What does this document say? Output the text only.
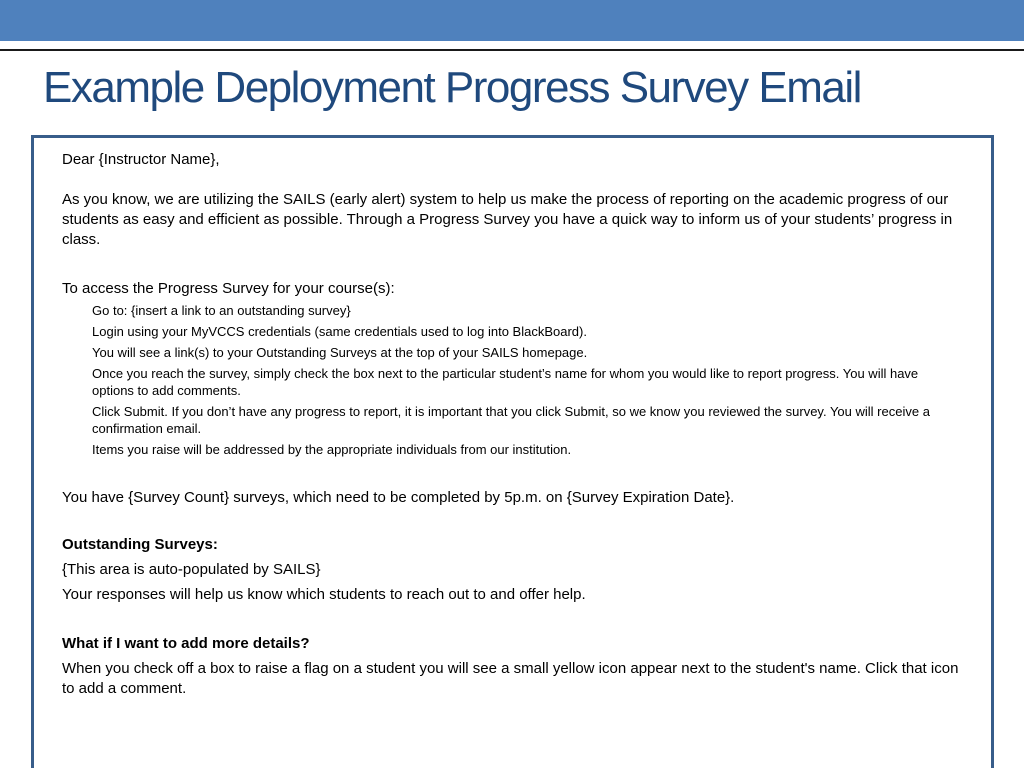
Example Deployment Progress Survey Email

Dear {Instructor Name},

As you know, we are utilizing the SAILS (early alert) system to help us make the process of reporting on the academic progress of our students as easy and efficient as possible. Through a Progress Survey you have a quick way to inform us of your students’ progress in class.

To access the Progress Survey for your course(s):

Go to: {insert a link to an outstanding survey}
Login using your MyVCCS credentials (same credentials used to log into BlackBoard).
You will see a link(s) to your Outstanding Surveys at the top of your SAILS homepage.
Once you reach the survey, simply check the box next to the particular student’s name for whom you would like to report progress. You will have options to add comments.
Click Submit. If you don’t have any progress to report, it is important that you click Submit, so we know you reviewed the survey. You will receive a confirmation email.
Items you raise will be addressed by the appropriate individuals from our institution.

You have {Survey Count} surveys, which need to be completed by 5p.m. on {Survey Expiration Date}.

Outstanding Surveys:

{This area is auto-populated by SAILS}

Your responses will help us know which students to reach out to and offer help.

What if I want to add more details?

When you check off a box to raise a flag on a student you will see a small yellow icon appear next to the student's name. Click that icon to add a comment.
